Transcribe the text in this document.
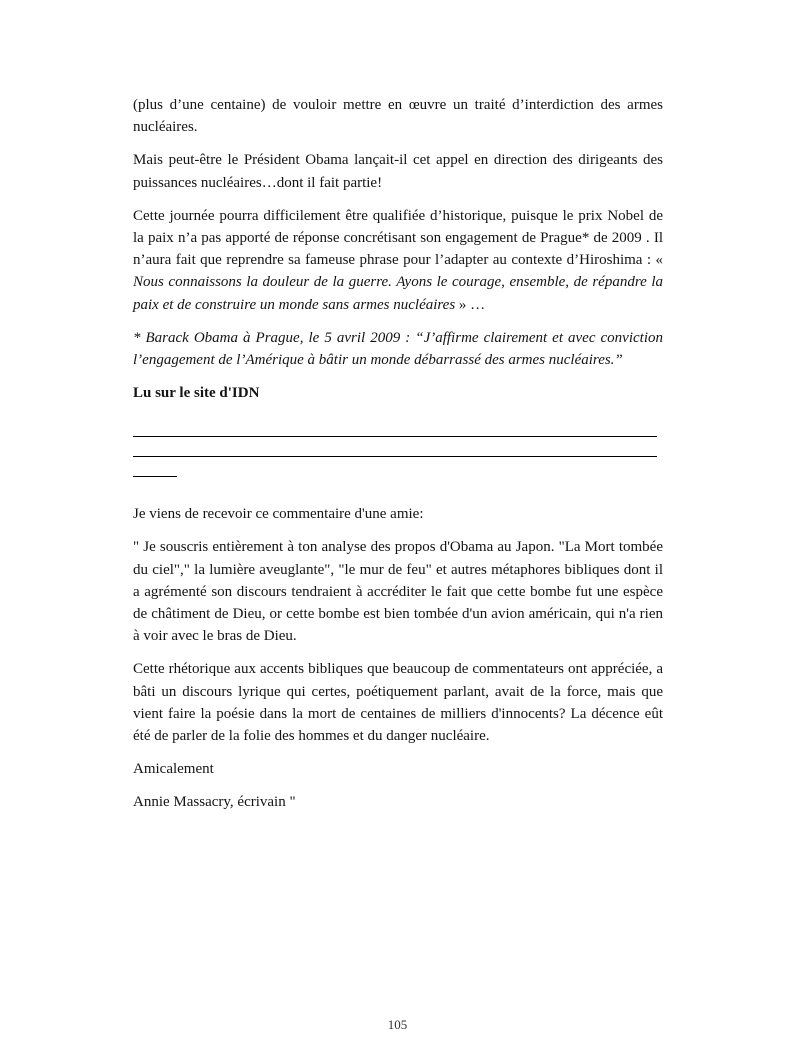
(plus d’une centaine) de vouloir mettre en œuvre un traité d’interdiction des armes nucléaires.

Mais peut-être le Président Obama lançait-il cet appel en direction des dirigeants des puissances nucléaires…dont il fait partie!

Cette journée pourra difficilement être qualifiée d’historique, puisque le prix Nobel de la paix n’a pas apporté de réponse concrétisant son engagement de Prague* de 2009 . Il n’aura fait que reprendre sa fameuse phrase pour l’adapter au contexte d’Hiroshima : « Nous connaissons la douleur de la guerre. Ayons le courage, ensemble, de répandre la paix et de construire un monde sans armes nucléaires » …

* Barack Obama à Prague, le 5 avril 2009 : “J’affirme clairement et avec conviction l’engagement de l’Amérique à bâtir un monde débarrassé des armes nucléaires.”

Lu sur le site d'IDN

Je viens de recevoir ce commentaire d'une amie:

" Je souscris entièrement à ton analyse des propos d'Obama au Japon. "La Mort tombée du ciel"," la lumière aveuglante", "le mur de feu" et autres métaphores bibliques dont il a agrémenté son discours tendraient à accréditer le fait que cette bombe fut une espèce de châtiment de Dieu, or cette bombe est bien tombée d'un avion américain, qui n'a rien à voir avec le bras de Dieu.

Cette rhétorique aux accents bibliques que beaucoup de commentateurs ont appréciée, a bâti un discours lyrique qui certes, poétiquement parlant, avait de la force, mais que vient faire la poésie dans la mort de centaines de milliers d'innocents? La décence eût été de parler de la folie des hommes et du danger nucléaire.

Amicalement

Annie Massacry, écrivain "

105
